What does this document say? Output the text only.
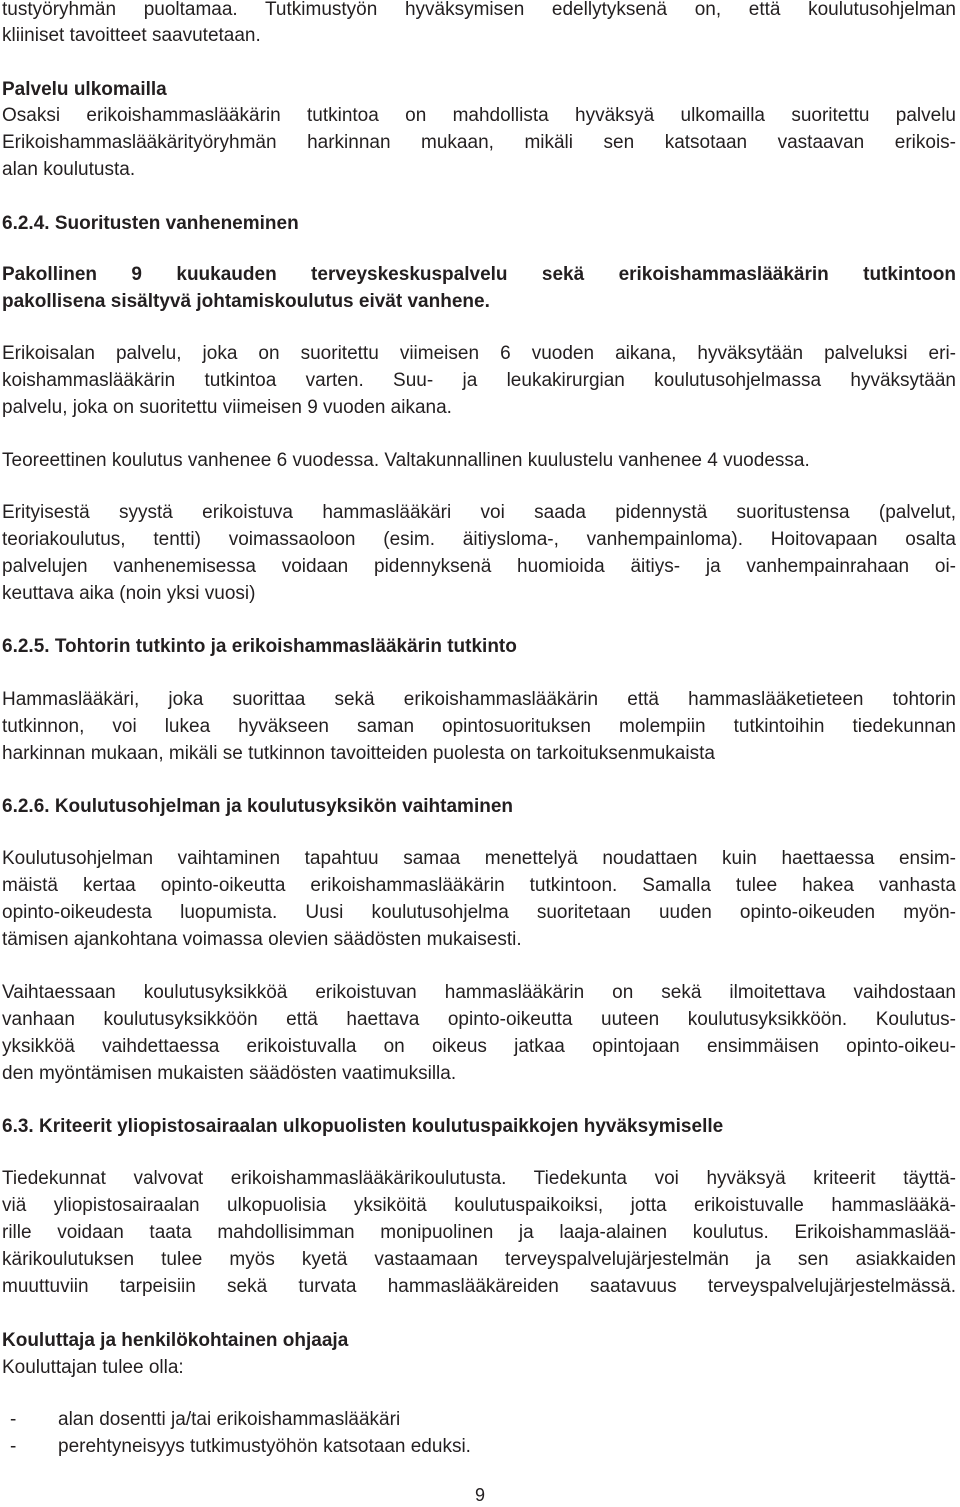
tustyöryhmän puoltamaa. Tutkimustyön hyväksymisen edellytyksenä on, että koulutusohjelman
kliiniset tavoitteet saavutetaan.
Palvelu ulkomailla
Osaksi erikoishammaslääkärin tutkintoa on mahdollista hyväksyä ulkomailla suoritettu palvelu
Erikoishammaslääkärityöryhmän harkinnan mukaan, mikäli sen katsotaan vastaavan erikois-
alan koulutusta.
6.2.4. Suoritusten vanheneminen
Pakollinen 9 kuukauden terveyskeskuspalvelu sekä erikoishammaslääkärin tutkintoon
pakollisena sisältyvä johtamiskoulutus eivät vanhene.
Erikoisalan palvelu, joka on suoritettu viimeisen 6 vuoden aikana, hyväksytään palveluksi eri-
koishammaslääkärin tutkintoa varten. Suu- ja leukakirurgian koulutusohjelmassa hyväksytään
palvelu, joka on suoritettu viimeisen 9 vuoden aikana.
Teoreettinen koulutus vanhenee 6 vuodessa. Valtakunnallinen kuulustelu vanhenee 4 vuodessa.
Erityisestä syystä erikoistuva hammaslääkäri voi saada pidennystä suoritustensa (palvelut,
teoriakoulutus, tentti) voimassaoloon (esim. äitiysloma-, vanhempainloma). Hoitovapaan osalta
palvelujen vanhenemisessa voidaan pidennyksenä huomioida äitiys- ja vanhempainrahaan oi-
keuttava aika (noin yksi vuosi)
6.2.5. Tohtorin tutkinto ja erikoishammaslääkärin tutkinto
Hammaslääkäri, joka suorittaa sekä erikoishammaslääkärin että hammaslääketieteen tohtorin
tutkinnon, voi lukea hyväkseen saman opintosuorituksen molempiin tutkintoihin tiedekunnan
harkinnan mukaan, mikäli se tutkinnon tavoitteiden puolesta on tarkoituksenmukaista
6.2.6. Koulutusohjelman ja koulutusyksikön vaihtaminen
Koulutusohjelman vaihtaminen tapahtuu samaa menettelyä noudattaen kuin haettaessa ensim-
mäistä kertaa opinto-oikeutta erikoishammaslääkärin tutkintoon. Samalla tulee hakea vanhasta
opinto-oikeudesta luopumista. Uusi koulutusohjelma suoritetaan uuden opinto-oikeuden myön-
tämisen ajankohtana voimassa olevien säädösten mukaisesti.
Vaihtaessaan koulutusyksikköä erikoistuvan hammaslääkärin on sekä ilmoitettava vaihdostaan
vanhaan koulutusyksikköön että haettava opinto-oikeutta uuteen koulutusyksikköön. Koulutus-
yksikköä vaihdettaessa erikoistuvalla on oikeus jatkaa opintojaan ensimmäisen opinto-oikeu-
den myöntämisen mukaisten säädösten vaatimuksilla.
6.3. Kriteerit yliopistosairaalan ulkopuolisten koulutuspaikkojen hyväksymiselle
Tiedekunnat valvovat erikoishammaslääkärikoulutusta. Tiedekunta voi hyväksyä kriteerit täyttä-
viä yliopistosairaalan ulkopuolisia yksiköitä koulutuspaikoiksi, jotta erikoistuvalle hammaslääkä-
rille voidaan taata mahdollisimman monipuolinen ja laaja-alainen koulutus. Erikoishammaslää-
kärikoulutuksen tulee myös kyetä vastaamaan terveyspalvelujärjestelmän ja sen asiakkaiden
muuttuviin tarpeisiin sekä turvata hammaslääkäreiden saatavuus terveyspalvelujärjestelmässä.
Kouluttaja ja henkilökohtainen ohjaaja
Kouluttajan tulee olla:
- alan dosentti ja/tai erikoishammaslääkäri
- perehtyneisyys tutkimustyöhön katsotaan eduksi.
9
